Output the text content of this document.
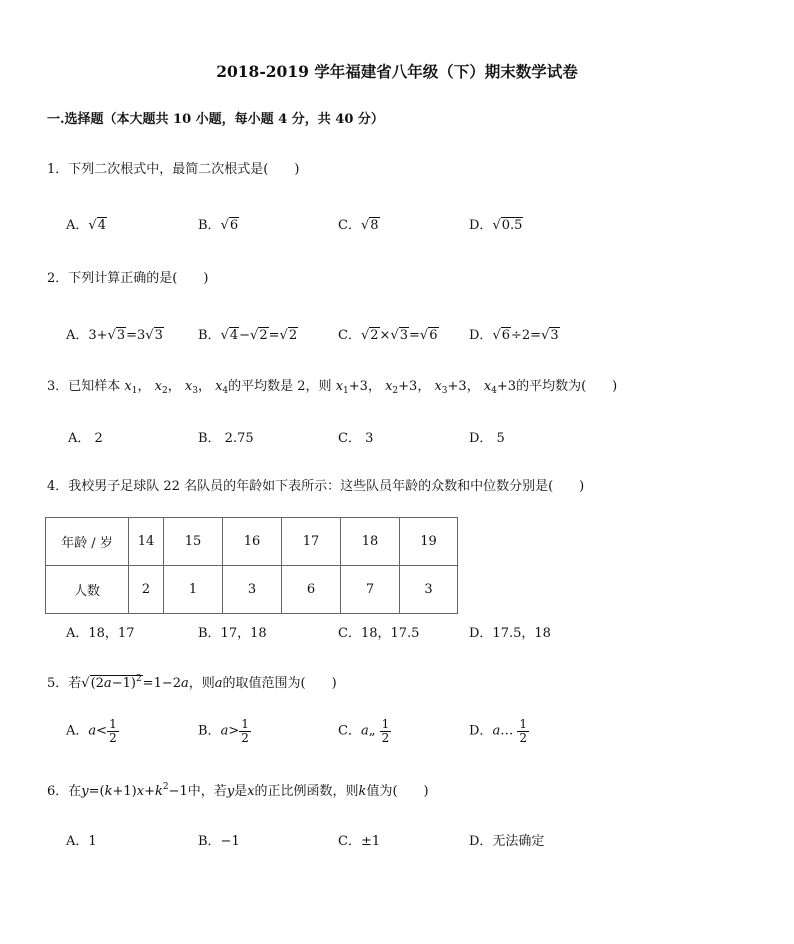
2018-2019 学年福建省八年级（下）期末数学试卷
一.选择题（本大题共 10 小题，每小题 4 分，共 40 分）
1．下列二次根式中，最简二次根式是(　　)
A．√4	B．√6	C．√8	D．√0.5
2．下列计算正确的是(　　)
A．3+√3=3√3	B．√4−√2=√2	C．√2×√3=√6 D．√6÷2=√3
3．已知样本 $x_1$， $x_2$， $x_3$， $x_4$的平均数是 2，则 $x_1+3$， $x_2+3$， $x_3+3$， $x_4+3$的平均数为(　　)
A． 2	B． 2.75	C． 3	D． 5
4．我校男子足球队 22 名队员的年龄如下表所示：这些队员年龄的众数和中位数分别是(　　)
年龄 / 岁	14	15	16	17	18	19
人数	2	1	3	6	7	3
A．18，17	B．17，18	C．18，17.5	D．17.5，18
5．若$√(2a-1)^2=1-2a$，则a的取值范围为(　　)
A．$a< \frac{1}{2}$	B．$a> \frac{1}{2}$	C．a„ $\frac{1}{2}$	D．a… $\frac{1}{2}$
6．在$y=(k+1)x+k^2-1$中，若y是x的正比例函数，则k值为(　　)
A．1	B．−1	C．±1	D．无法确定
